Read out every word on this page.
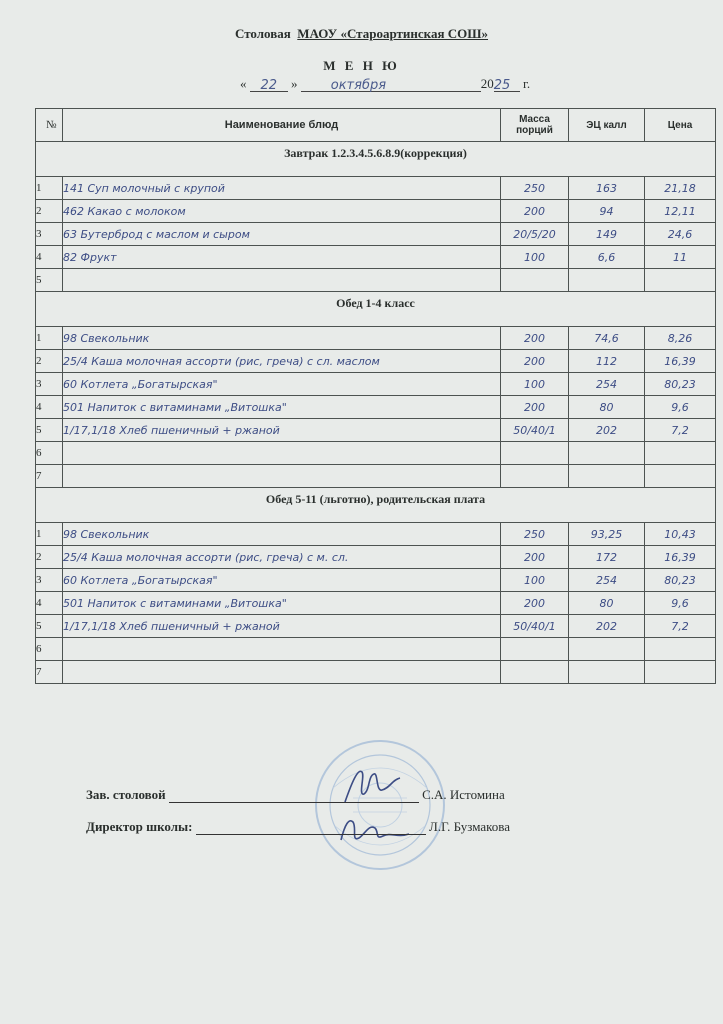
Столовая МАОУ «Староартинская СОШ»
М Е Н Ю
« 22 »	октября	2025 г.
№	Наименование блюд	Масса порций	ЭЦ калл	Цена
Завтрак 1.2.3.4.5.6.8.9(коррекция)				
1	141 Суп молочный с крупой	250	163	21,18
2	462 Какао с молоком	200	94	12,11
3	63 Бутерброд с маслом и сыром	20/5/20	149	24,6
4	82 Фрукт	100	6,6	11
5				
Обед 1-4 класс				
1	98 Свекольник	200	74,6	8,26
2	25/4 Каша молочная ассорти (рис, греча) с сл. маслом	200	112	16,39
3	60 Котлета „Богатырская"	100	254	80,23
4	501 Напиток с витаминами „Витошка"	200	80	9,6
5	1/17,1/18 Хлеб пшеничный + ржаной	50/40/1	202	7,2
6				
7				
Обед 5-11 (льготно), родительская плата				
1	98 Свекольник	250	93,25	10,43
2	25/4 Каша молочная ассорти (рис, греча) с м. сл.	200	172	16,39
3	60 Котлета „Богатырская"	100	254	80,23
4	501 Напиток с витаминами „Витошка"	200	80	9,6
5	1/17,1/18 Хлеб пшеничный + ржаной	50/40/1	202	7,2
6				
7				
Зав. столовой	С.А. Истомина
Директор школы:	Л.Г. Бузмакова
